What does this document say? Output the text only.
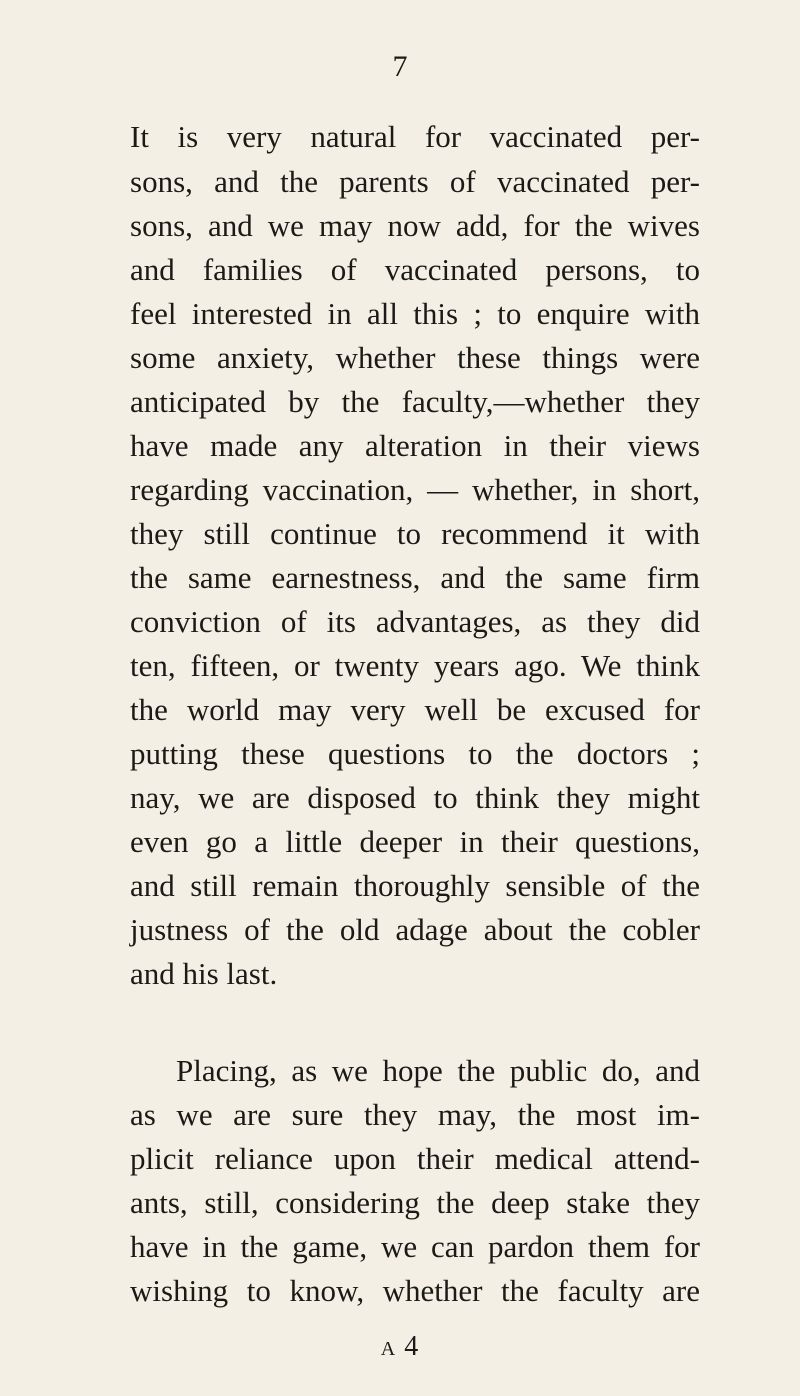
7
It is very natural for vaccinated per-
sons, and the parents of vaccinated per-
sons, and we may now add, for the wives
and families of vaccinated persons, to
feel interested in all this ; to enquire with
some anxiety, whether these things were
anticipated by the faculty,—whether they
have made any alteration in their views
regarding vaccination, — whether, in short,
they still continue to recommend it with
the same earnestness, and the same firm
conviction of its advantages, as they did
ten, fifteen, or twenty years ago. We think
the world may very well be excused for
putting these questions to the doctors ;
nay, we are disposed to think they might
even go a little deeper in their questions,
and still remain thoroughly sensible of the
justness of the old adage about the cobler
and his last.
Placing, as we hope the public do, and
as we are sure they may, the most im-
plicit reliance upon their medical attend-
ants, still, considering the deep stake they
have in the game, we can pardon them for
wishing to know, whether the faculty are
A 4
